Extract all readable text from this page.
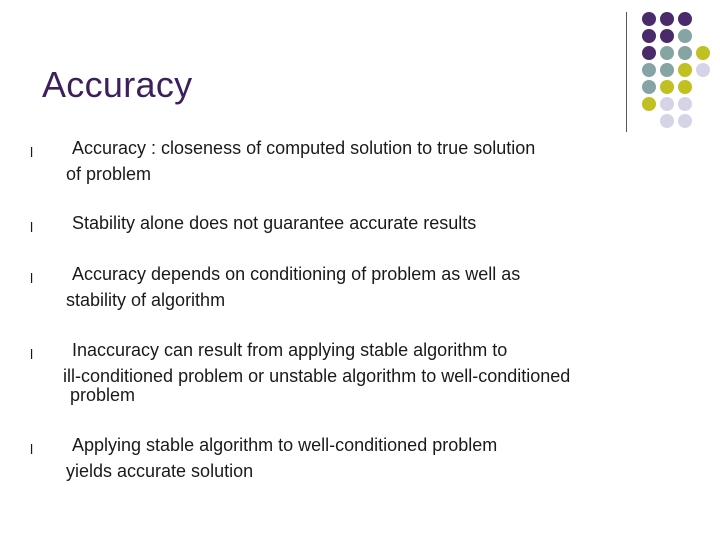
Accuracy
l Accuracy : closeness of computed solution to true solution
of problem
l Stability alone does not guarantee accurate results
l Accuracy depends on conditioning of problem as well as
stability of algorithm
l Inaccuracy can result from applying stable algorithm to
ill-conditioned problem or unstable algorithm to well-conditioned
problem
l Applying stable algorithm to well-conditioned problem
yields accurate solution
